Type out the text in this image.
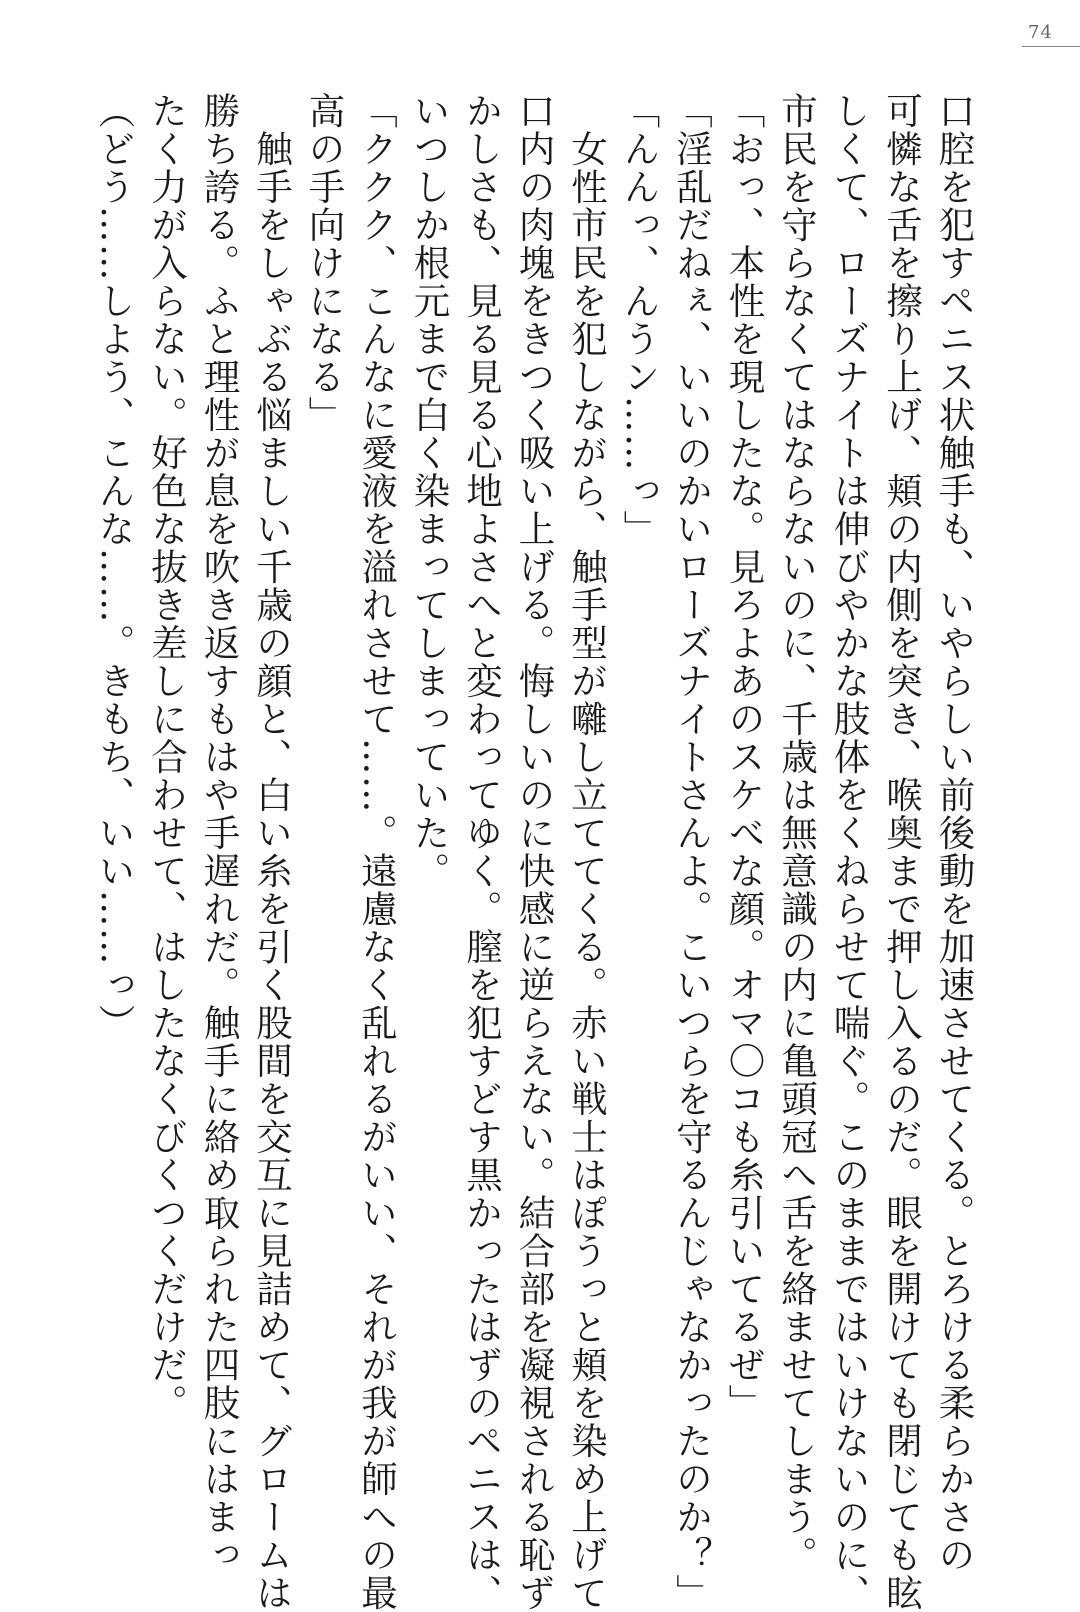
74

口腔を犯すペニス状触手も、いやらしい前後動を加速させてくる。とろける柔らかさの

可憐な舌を擦り上げ、頬の内側を突き、喉奥まで押し入るのだ。眼を開けても閉じても眩

しくて、ローズナイトは伸びやかな肢体をくねらせて喘ぐ。このままではいけないのに、

市民を守らなくてはならないのに、千歳は無意識の内に亀頭冠へ舌を絡ませてしまう。

「おっ、本性を現したな。見ろよあのスケべな顔。オマ〇コも糸引いてるぜ」

「淫乱だねぇ、いいのかいローズナイトさんよ。こいつらを守るんじゃなかったのか？」

「んんっ、んうン……っ」

　女性市民を犯しながら、触手型が囃し立ててくる。赤い戦士はぽうっと頬を染め上げて

口内の肉塊をきつく吸い上げる。悔しいのに快感に逆らえない。結合部を凝視される恥ず

かしさも、見る見る心地よさへと変わってゆく。膣を犯すどす黒かったはずのペニスは、

いつしか根元まで白く染まってしまっていた。

「ククク、こんなに愛液を溢れさせて……。遠慮なく乱れるがいい、それが我が師への最

高の手向けになる」

　触手をしゃぶる悩ましい千歳の顔と、白い糸を引く股間を交互に見詰めて、グロームは

勝ち誇る。ふと理性が息を吹き返すもはや手遅れだ。触手に絡め取られた四肢にはまっ

たく力が入らない。好色な抜き差しに合わせて、はしたなくびくつくだけだ。

（どう……しよう、こんな……。きもち、いい……っ）
